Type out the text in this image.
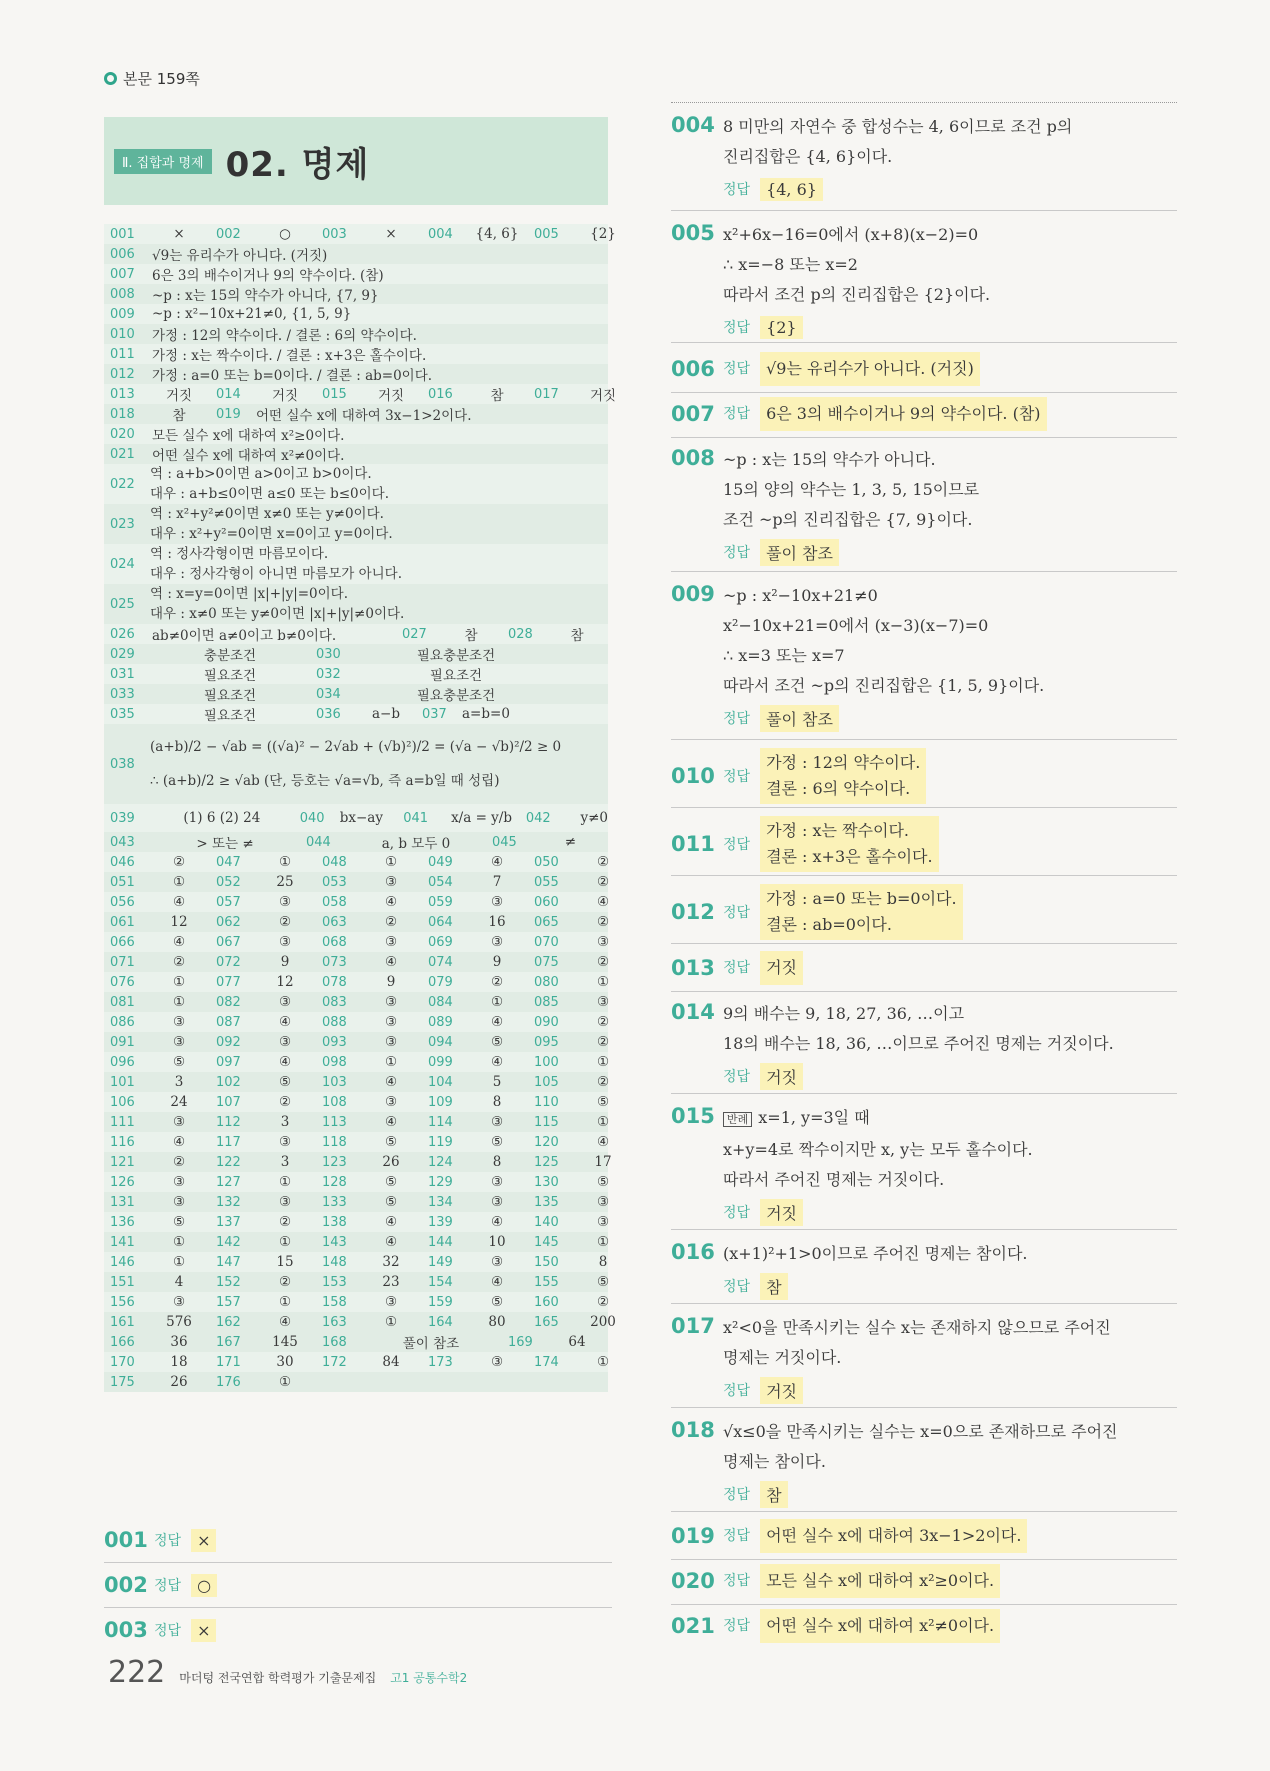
본문 159쪽
Ⅱ. 집합과 명제 02. 명제
001	×	002	○	003	×	004	{4, 6}	005	{2}
006	√9는 유리수가 아니다. (거짓)
007	6은 3의 배수이거나 9의 약수이다. (참)
008	~p : x는 15의 약수가 아니다, {7, 9}
009	~p : x²−10x+21≠0, {1, 5, 9}
010	가정 : 12의 약수이다. / 결론 : 6의 약수이다.
011	가정 : x는 짝수이다. / 결론 : x+3은 홀수이다.
012	가정 : a=0 또는 b=0이다. / 결론 : ab=0이다.
013	거짓	014	거짓	015	거짓	016	참	017	거짓
018	참	019	어떤 실수 x에 대하여 3x−1>2이다.
020	모든 실수 x에 대하여 x²≥0이다.
021	어떤 실수 x에 대하여 x²≠0이다.
022
역 : a+b>0이면 a>0이고 b>0이다.
대우 : a+b≤0이면 a≤0 또는 b≤0이다.
023
역 : x²+y²≠0이면 x≠0 또는 y≠0이다.
대우 : x²+y²=0이면 x=0이고 y=0이다.
024
역 : 정사각형이면 마름모이다.
대우 : 정사각형이 아니면 마름모가 아니다.
025
역 : x=y=0이면 |x|+|y|=0이다.
대우 : x≠0 또는 y≠0이면 |x|+|y|≠0이다.
026	ab≠0이면 a≠0이고 b≠0이다.	027	참	028	참
029	충분조건	030	필요충분조건
031	필요조건	032	필요조건
033	필요조건	034	필요충분조건
035	필요조건	036	a−b	037	a=b=0
038
(a+b)/2 − √ab = ((√a)² − 2√ab + (√b)²)/2 = (√a − √b)²/2 ≥ 0
∴ (a+b)/2 ≥ √ab (단, 등호는 √a=√b, 즉 a=b일 때 성립)
039	(1) 6 (2) 24	040	bx−ay	041	x/a = y/b	042	y≠0
043	> 또는 ≠	044	a, b 모두 0	045	≠
046	②	047	①	048	①	049	④	050	②
051	①	052	25	053	③	054	7	055	②
056	④	057	③	058	④	059	③	060	④
061	12	062	②	063	②	064	16	065	②
066	④	067	③	068	③	069	③	070	③
071	②	072	9	073	④	074	9	075	②
076	①	077	12	078	9	079	②	080	①
081	①	082	③	083	③	084	①	085	③
086	③	087	④	088	③	089	④	090	②
091	③	092	③	093	③	094	⑤	095	②
096	⑤	097	④	098	①	099	④	100	①
101	3	102	⑤	103	④	104	5	105	②
106	24	107	②	108	③	109	8	110	⑤
111	③	112	3	113	④	114	③	115	①
116	④	117	③	118	⑤	119	⑤	120	④
121	②	122	3	123	26	124	8	125	17
126	③	127	①	128	⑤	129	③	130	⑤
131	③	132	③	133	⑤	134	③	135	③
136	⑤	137	②	138	④	139	④	140	③
141	①	142	①	143	④	144	10	145	①
146	①	147	15	148	32	149	③	150	8
151	4	152	②	153	23	154	④	155	⑤
156	③	157	①	158	③	159	⑤	160	②
161	576	162	④	163	①	164	80	165	200
166	36	167	145	168	풀이 참조	169	64
170	18	171	30	172	84	173	③	174	①
175	26	176	①
001 정답	×
002 정답	○
003 정답	×
004 8 미만의 자연수 중 합성수는 4, 6이므로 조건 p의
진리집합은 {4, 6}이다.
정답	{4, 6}
005 x²+6x−16=0에서 (x+8)(x−2)=0
∴ x=−8 또는 x=2
따라서 조건 p의 진리집합은 {2}이다.
정답	{2}
006 정답	√9는 유리수가 아니다. (거짓)
007 정답	6은 3의 배수이거나 9의 약수이다. (참)
008 ~p : x는 15의 약수가 아니다.
15의 양의 약수는 1, 3, 5, 15이므로
조건 ~p의 진리집합은 {7, 9}이다.
정답	풀이 참조
009 ~p : x²−10x+21≠0
x²−10x+21=0에서 (x−3)(x−7)=0
∴ x=3 또는 x=7
따라서 조건 ~p의 진리집합은 {1, 5, 9}이다.
정답	풀이 참조
010 정답
가정 : 12의 약수이다.
결론 : 6의 약수이다.
011 정답
가정 : x는 짝수이다.
결론 : x+3은 홀수이다.
012 정답
가정 : a=0 또는 b=0이다.
결론 : ab=0이다.
013 정답	거짓
014 9의 배수는 9, 18, 27, 36, …이고
18의 배수는 18, 36, …이므로 주어진 명제는 거짓이다.
정답	거짓
015 반례 x=1, y=3일 때
x+y=4로 짝수이지만 x, y는 모두 홀수이다.
따라서 주어진 명제는 거짓이다.
정답	거짓
016 (x+1)²+1>0이므로 주어진 명제는 참이다.
정답	참
017 x²<0을 만족시키는 실수 x는 존재하지 않으므로 주어진
명제는 거짓이다.
정답	거짓
018 √x≤0을 만족시키는 실수는 x=0으로 존재하므로 주어진
명제는 참이다.
정답	참
019 정답	어떤 실수 x에 대하여 3x−1>2이다.
020 정답	모든 실수 x에 대하여 x²≥0이다.
021 정답	어떤 실수 x에 대하여 x²≠0이다.
222 마더텅 전국연합 학력평가 기출문제집 고1 공통수학2
